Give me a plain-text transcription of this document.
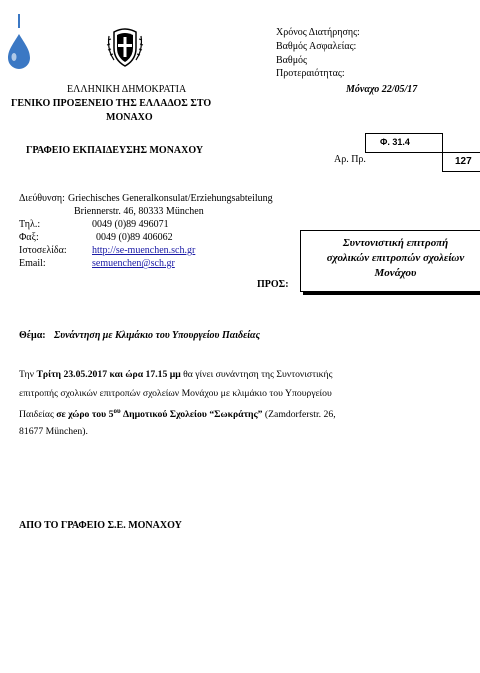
Χρόνος Διατήρησης:
Βαθμός Ασφαλείας:
Βαθμός
Προτεραιότητας:
Μόναχο 22/05/17
ΕΛΛΗΝΙΚΗ ΔΗΜΟΚΡΑΤΙΑ
ΓΕΝΙΚΟ ΠΡΟΞΕΝΕΙΟ ΤΗΣ ΕΛΛΑΔΟΣ ΣΤΟ
ΜΟΝΑΧΟ
ΓΡΑΦΕΙΟ ΕΚΠΑΙΔΕΥΣΗΣ ΜΟΝΑΧΟΥ
Φ. 31.4
Αρ. Πρ.	127
Διεύθυνση: Griechisches Generalkonsulat/Erziehungsabteilung
Briennerstr. 46, 80333 München
Τηλ.:	0049 (0)89 496071
Φαξ:	0049 (0)89 406062
Ιστοσελίδα:	http://se-muenchen.sch.gr
Email:	semuenchen@sch.gr
Συντονιστική επιτροπή
σχολικών επιτροπών σχολείων
Μονάχου
ΠΡΟΣ:
Θέμα: Συνάντηση με Κλιμάκιο του Υπουργείου Παιδείας
Την Τρίτη 23.05.2017 και ώρα 17.15 μμ θα γίνει συνάντηση της Συντονιστικής
επιτροπής σχολικών επιτροπών σχολείων Μονάχου με κλιμάκιο του Υπουργείου
Παιδείας σε χώρο του $5^{o\upsilon}$ Δημοτικού Σχολείου “Σωκράτης” (Zamdorferstr. 26,
81677 München).
ΑΠΟ ΤΟ ΓΡΑΦΕΙΟ Σ.Ε. ΜΟΝΑΧΟΥ
